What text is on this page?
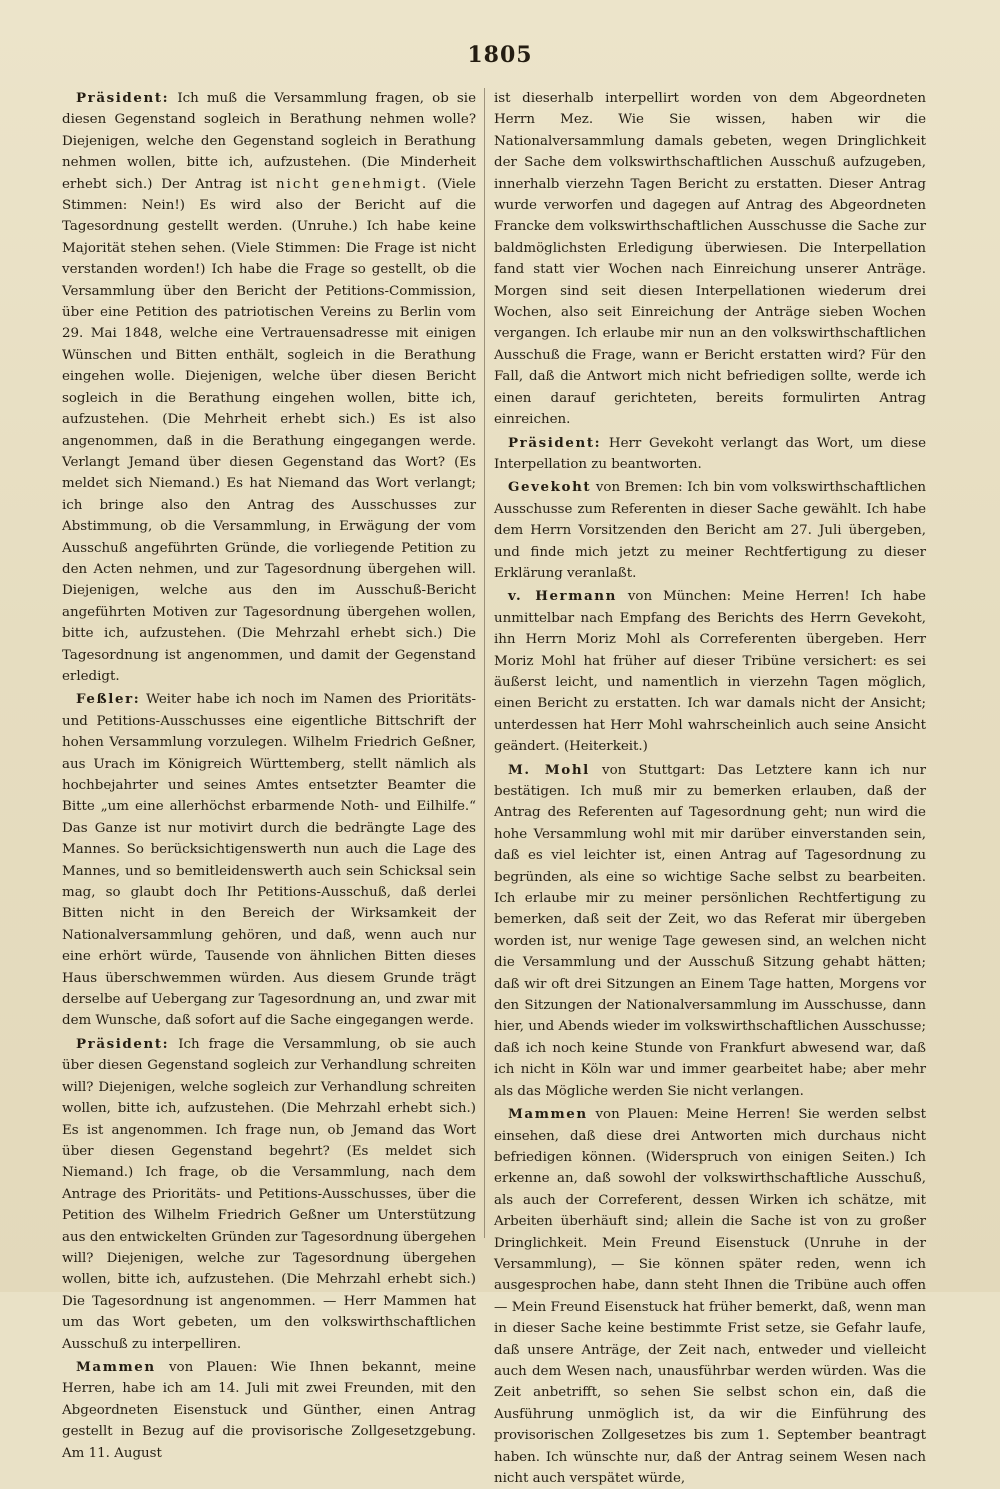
1805

Präsident: Ich muß die Versammlung fragen, ob sie diesen Gegenstand sogleich in Berathung nehmen wolle? Diejenigen, welche den Gegenstand sogleich in Berathung nehmen wollen, bitte ich, aufzustehen. (Die Minderheit erhebt sich.) Der Antrag ist nicht genehmigt. (Viele Stimmen: Nein!) Es wird also der Bericht auf die Tagesordnung gestellt werden. (Unruhe.) Ich habe keine Majorität stehen sehen. (Viele Stimmen: Die Frage ist nicht verstanden worden!) Ich habe die Frage so gestellt, ob die Versammlung über den Bericht der Petitions-Commission, über eine Petition des patriotischen Vereins zu Berlin vom 29. Mai 1848, welche eine Vertrauensadresse mit einigen Wünschen und Bitten enthält, sogleich in die Berathung eingehen wolle. Diejenigen, welche über diesen Bericht sogleich in die Berathung eingehen wollen, bitte ich, aufzustehen. (Die Mehrheit erhebt sich.) Es ist also angenommen, daß in die Berathung eingegangen werde. Verlangt Jemand über diesen Gegenstand das Wort? (Es meldet sich Niemand.) Es hat Niemand das Wort verlangt; ich bringe also den Antrag des Ausschusses zur Abstimmung, ob die Versammlung, in Erwägung der vom Ausschuß angeführten Gründe, die vorliegende Petition zu den Acten nehmen, und zur Tagesordnung übergehen will. Diejenigen, welche aus den im Ausschuß-Bericht angeführten Motiven zur Tagesordnung übergehen wollen, bitte ich, aufzustehen. (Die Mehrzahl erhebt sich.) Die Tagesordnung ist angenommen, und damit der Gegenstand erledigt.

Feßler: Weiter habe ich noch im Namen des Prioritäts- und Petitions-Ausschusses eine eigentliche Bittschrift der hohen Versammlung vorzulegen. Wilhelm Friedrich Geßner, aus Urach im Königreich Württemberg, stellt nämlich als hochbejahrter und seines Amtes entsetzter Beamter die Bitte „um eine allerhöchst erbarmende Noth- und Eilhilfe.“ Das Ganze ist nur motivirt durch die bedrängte Lage des Mannes. So berücksichtigenswerth nun auch die Lage des Mannes, und so bemitleidenswerth auch sein Schicksal sein mag, so glaubt doch Ihr Petitions-Ausschuß, daß derlei Bitten nicht in den Bereich der Wirksamkeit der Nationalversammlung gehören, und daß, wenn auch nur eine erhört würde, Tausende von ähnlichen Bitten dieses Haus überschwemmen würden. Aus diesem Grunde trägt derselbe auf Uebergang zur Tagesordnung an, und zwar mit dem Wunsche, daß sofort auf die Sache eingegangen werde.

Präsident: Ich frage die Versammlung, ob sie auch über diesen Gegenstand sogleich zur Verhandlung schreiten will? Diejenigen, welche sogleich zur Verhandlung schreiten wollen, bitte ich, aufzustehen. (Die Mehrzahl erhebt sich.) Es ist angenommen. Ich frage nun, ob Jemand das Wort über diesen Gegenstand begehrt? (Es meldet sich Niemand.) Ich frage, ob die Versammlung, nach dem Antrage des Prioritäts- und Petitions-Ausschusses, über die Petition des Wilhelm Friedrich Geßner um Unterstützung aus den entwickelten Gründen zur Tagesordnung übergehen will? Diejenigen, welche zur Tagesordnung übergehen wollen, bitte ich, aufzustehen. (Die Mehrzahl erhebt sich.) Die Tagesordnung ist angenommen. — Herr Mammen hat um das Wort gebeten, um den volkswirthschaftlichen Ausschuß zu interpelliren.

Mammen von Plauen: Wie Ihnen bekannt, meine Herren, habe ich am 14. Juli mit zwei Freunden, mit den Abgeordneten Eisenstuck und Günther, einen Antrag gestellt in Bezug auf die provisorische Zollgesetzgebung. Am 11. August

ist dieserhalb interpellirt worden von dem Abgeordneten Herrn Mez. Wie Sie wissen, haben wir die Nationalversammlung damals gebeten, wegen Dringlichkeit der Sache dem volkswirthschaftlichen Ausschuß aufzugeben, innerhalb vierzehn Tagen Bericht zu erstatten. Dieser Antrag wurde verworfen und dagegen auf Antrag des Abgeordneten Francke dem volkswirthschaftlichen Ausschusse die Sache zur baldmöglichsten Erledigung überwiesen. Die Interpellation fand statt vier Wochen nach Einreichung unserer Anträge. Morgen sind seit diesen Interpellationen wiederum drei Wochen, also seit Einreichung der Anträge sieben Wochen vergangen. Ich erlaube mir nun an den volkswirthschaftlichen Ausschuß die Frage, wann er Bericht erstatten wird? Für den Fall, daß die Antwort mich nicht befriedigen sollte, werde ich einen darauf gerichteten, bereits formulirten Antrag einreichen.

Präsident: Herr Gevekoht verlangt das Wort, um diese Interpellation zu beantworten.

Gevekoht von Bremen: Ich bin vom volkswirthschaftlichen Ausschusse zum Referenten in dieser Sache gewählt. Ich habe dem Herrn Vorsitzenden den Bericht am 27. Juli übergeben, und finde mich jetzt zu meiner Rechtfertigung zu dieser Erklärung veranlaßt.

v. Hermann von München: Meine Herren! Ich habe unmittelbar nach Empfang des Berichts des Herrn Gevekoht, ihn Herrn Moriz Mohl als Correferenten übergeben. Herr Moriz Mohl hat früher auf dieser Tribüne versichert: es sei äußerst leicht, und namentlich in vierzehn Tagen möglich, einen Bericht zu erstatten. Ich war damals nicht der Ansicht; unterdessen hat Herr Mohl wahrscheinlich auch seine Ansicht geändert. (Heiterkeit.)

M. Mohl von Stuttgart: Das Letztere kann ich nur bestätigen. Ich muß mir zu bemerken erlauben, daß der Antrag des Referenten auf Tagesordnung geht; nun wird die hohe Versammlung wohl mit mir darüber einverstanden sein, daß es viel leichter ist, einen Antrag auf Tagesordnung zu begründen, als eine so wichtige Sache selbst zu bearbeiten. Ich erlaube mir zu meiner persönlichen Rechtfertigung zu bemerken, daß seit der Zeit, wo das Referat mir übergeben worden ist, nur wenige Tage gewesen sind, an welchen nicht die Versammlung und der Ausschuß Sitzung gehabt hätten; daß wir oft drei Sitzungen an Einem Tage hatten, Morgens vor den Sitzungen der Nationalversammlung im Ausschusse, dann hier, und Abends wieder im volkswirthschaftlichen Ausschusse; daß ich noch keine Stunde von Frankfurt abwesend war, daß ich nicht in Köln war und immer gearbeitet habe; aber mehr als das Mögliche werden Sie nicht verlangen.

Mammen von Plauen: Meine Herren! Sie werden selbst einsehen, daß diese drei Antworten mich durchaus nicht befriedigen können. (Widerspruch von einigen Seiten.) Ich erkenne an, daß sowohl der volkswirthschaftliche Ausschuß, als auch der Correferent, dessen Wirken ich schätze, mit Arbeiten überhäuft sind; allein die Sache ist von zu großer Dringlichkeit. Mein Freund Eisenstuck (Unruhe in der Versammlung), — Sie können später reden, wenn ich ausgesprochen habe, dann steht Ihnen die Tribüne auch offen — Mein Freund Eisenstuck hat früher bemerkt, daß, wenn man in dieser Sache keine bestimmte Frist setze, sie Gefahr laufe, daß unsere Anträge, der Zeit nach, entweder und vielleicht auch dem Wesen nach, unausführbar werden würden. Was die Zeit anbetrifft, so sehen Sie selbst schon ein, daß die Ausführung unmöglich ist, da wir die Einführung des provisorischen Zollgesetzes bis zum 1. September beantragt haben. Ich wünschte nur, daß der Antrag seinem Wesen nach nicht auch verspätet würde,
